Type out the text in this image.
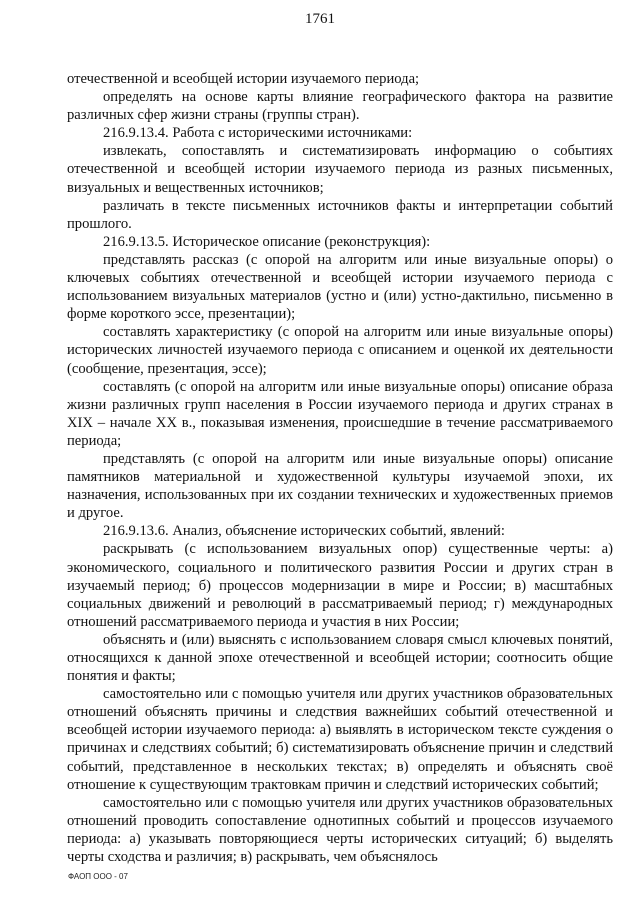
1761

отечественной и всеобщей истории изучаемого периода;

определять на основе карты влияние географического фактора на развитие различных сфер жизни страны (группы стран).

216.9.13.4. Работа с историческими источниками:

извлекать, сопоставлять и систематизировать информацию о событиях отечественной и всеобщей истории изучаемого периода из разных письменных, визуальных и вещественных источников;

различать в тексте письменных источников факты и интерпретации событий прошлого.

216.9.13.5. Историческое описание (реконструкция):

представлять рассказ (с опорой на алгоритм или иные визуальные опоры) о ключевых событиях отечественной и всеобщей истории изучаемого периода с использованием визуальных материалов (устно и (или) устно-дактильно, письменно в форме короткого эссе, презентации);

составлять характеристику (с опорой на алгоритм или иные визуальные опоры) исторических личностей изучаемого периода с описанием и оценкой их деятельности (сообщение, презентация, эссе);

составлять (с опорой на алгоритм или иные визуальные опоры) описание образа жизни различных групп населения в России изучаемого периода и других странах в XIX – начале XX в., показывая изменения, происшедшие в течение рассматриваемого периода;

представлять (с опорой на алгоритм или иные визуальные опоры) описание памятников материальной и художественной культуры изучаемой эпохи, их назначения, использованных при их создании технических и художественных приемов и другое.

216.9.13.6. Анализ, объяснение исторических событий, явлений:

раскрывать (с использованием визуальных опор) существенные черты: а) экономического, социального и политического развития России и других стран в изучаемый период; б) процессов модернизации в мире и России; в) масштабных социальных движений и революций в рассматриваемый период; г) международных отношений рассматриваемого периода и участия в них России;

объяснять и (или) выяснять с использованием словаря смысл ключевых понятий, относящихся к данной эпохе отечественной и всеобщей истории; соотносить общие понятия и факты;

самостоятельно или с помощью учителя или других участников образовательных отношений объяснять причины и следствия важнейших событий отечественной и всеобщей истории изучаемого периода: а) выявлять в историческом тексте суждения о причинах и следствиях событий; б) систематизировать объяснение причин и следствий событий, представленное в нескольких текстах; в) определять и объяснять своё отношение к существующим трактовкам причин и следствий исторических событий;

самостоятельно или с помощью учителя или других участников образовательных отношений проводить сопоставление однотипных событий и процессов изучаемого периода: а) указывать повторяющиеся черты исторических ситуаций; б) выделять черты сходства и различия; в) раскрывать, чем объяснялось

ФАОП ООО - 07
